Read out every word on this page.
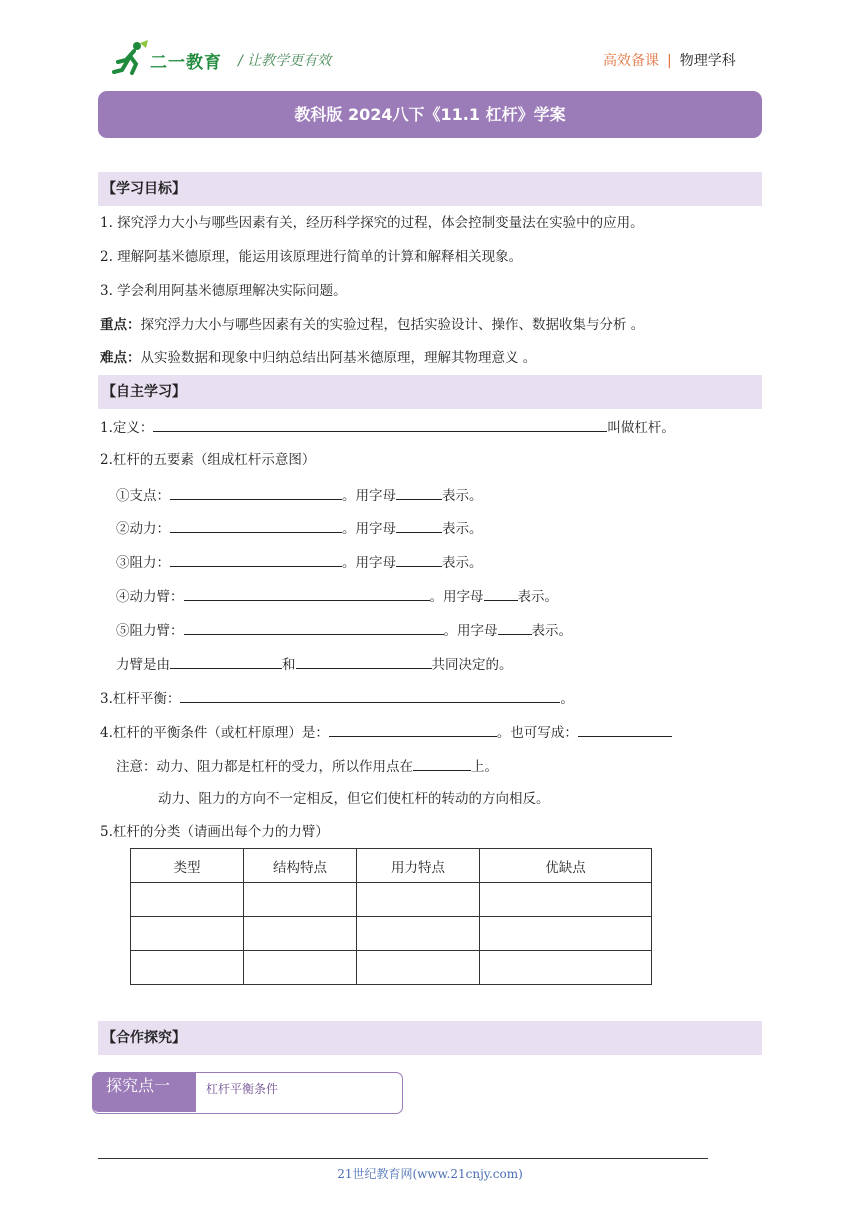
二一教育 / 让教学更有效	高效备课 | 物理学科
教科版 2024八下《11.1 杠杆》学案
【学习目标】
1. 探究浮力大小与哪些因素有关，经历科学探究的过程，体会控制变量法在实验中的应用。
2. 理解阿基米德原理，能运用该原理进行简单的计算和解释相关现象。
3. 学会利用阿基米德原理解决实际问题。
重点：探究浮力大小与哪些因素有关的实验过程，包括实验设计、操作、数据收集与分析 。
难点：从实验数据和现象中归纳总结出阿基米德原理，理解其物理意义 。
【自主学习】
1.定义：	叫做杠杆。
2.杠杆的五要素（组成杠杆示意图）
①支点：	。用字母	表示。
②动力：	。用字母	表示。
③阻力：	。用字母	表示。
④动力臂：	。用字母	表示。
⑤阻力臂：	。用字母	表示。
力臂是由	和	共同决定的。
3.杠杆平衡：	。
4.杠杆的平衡条件（或杠杆原理）是：	。也可写成：
注意：动力、阻力都是杠杆的受力，所以作用点在	上。
动力、阻力的方向不一定相反，但它们使杠杆的转动的方向相反。
5.杠杆的分类（请画出每个力的力臂）
类型	结构特点	用力特点	优缺点

【合作探究】
探究点一	杠杆平衡条件
21世纪教育网(www.21cnjy.com)
